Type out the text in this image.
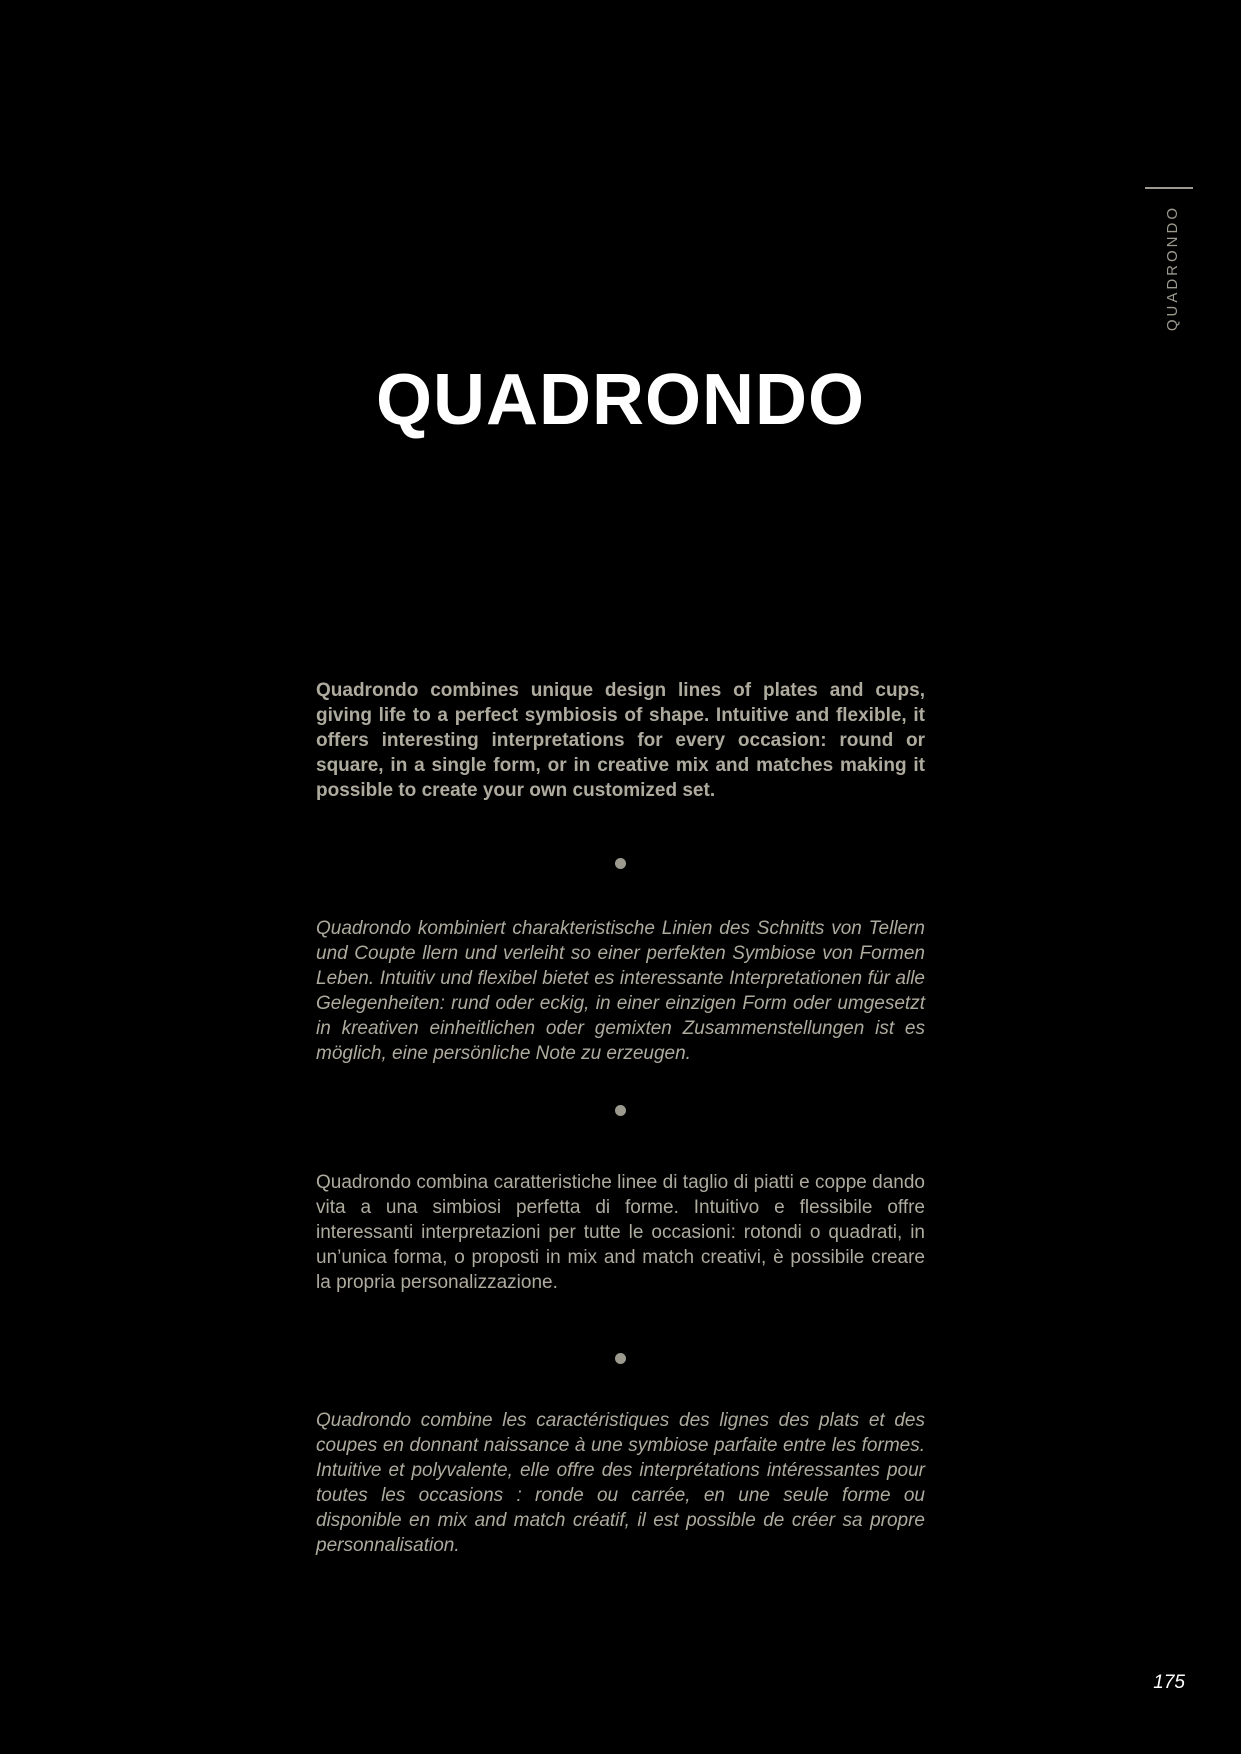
QUADRONDO
QUADRONDO

Quadrondo combines unique design lines of plates and cups, giving life to a perfect symbiosis of shape. Intuitive and flexible, it offers interesting interpretations for every occasion: round or square, in a single form, or in creative mix and matches making it possible to create your own customized set.

Quadrondo kombiniert charakteristische Linien des Schnitts von Tellern und Coupte llern und verleiht so einer perfekten Symbiose von Formen Leben. Intuitiv und flexibel bietet es interessante Interpretationen für alle Gelegenheiten: rund oder eckig, in einer einzigen Form oder umgesetzt in kreativen einheitlichen oder gemixten Zusammenstellungen ist es möglich, eine persönliche Note zu erzeugen.

Quadrondo combina caratteristiche linee di taglio di piatti e coppe dando vita a una simbiosi perfetta di forme. Intuitivo e flessibile offre interessanti interpretazioni per tutte le occasioni: rotondi o quadrati, in un’unica forma, o proposti in mix and match creativi, è possibile creare la propria personalizzazione.

Quadrondo combine les caractéristiques des lignes des plats et des coupes en donnant naissance à une symbiose parfaite entre les formes. Intuitive et polyvalente, elle offre des interprétations intéressantes pour toutes les occasions : ronde ou carrée, en une seule forme ou disponible en mix and match créatif, il est possible de créer sa propre personnalisation.

175
